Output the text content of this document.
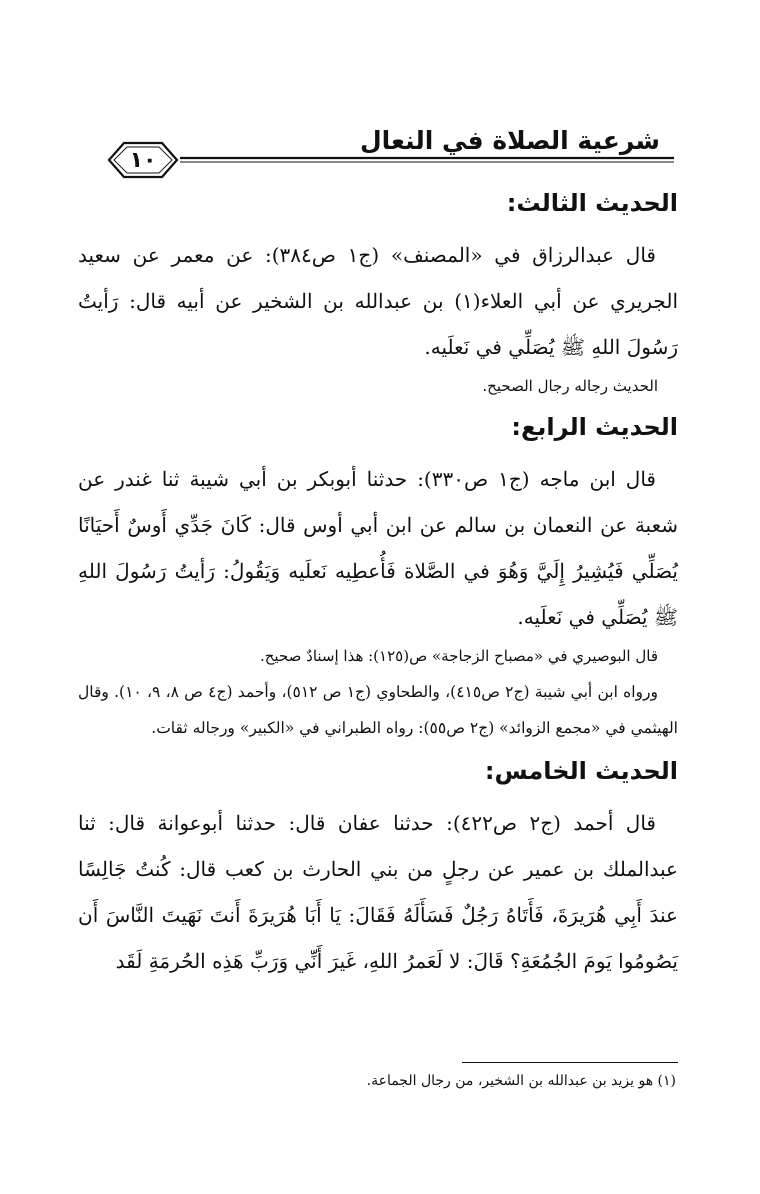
شرعية الصلاة في النعال
١٠
الحديث الثالث:

قال عبدالرزاق في «المصنف» (ج١ ص٣٨٤): عن معمر عن سعيد الجريري عن أبي العلاء(١) بن عبدالله بن الشخير عن أبيه قال: رَأيتُ رَسُولَ اللهِ ﷺ يُصَلِّي في نَعلَيه.

الحديث رجاله رجال الصحيح.

الحديث الرابع:

قال ابن ماجه (ج١ ص٣٣٠): حدثنا أبوبكر بن أبي شيبة ثنا غندر عن شعبة عن النعمان بن سالم عن ابن أبي أوس قال: كَانَ جَدِّي أَوسٌ أَحيَانًا يُصَلِّي فَيُشِيرُ إِلَيَّ وَهُوَ في الصَّلاة فَأُعطِيه نَعلَيه وَيَقُولُ: رَأيتُ رَسُولَ اللهِ ﷺ يُصَلِّي في نَعلَيه.

قال البوصيري في «مصباح الزجاجة» ص(١٢٥): هذا إسنادٌ صحيح.

ورواه ابن أبي شيبة (ج٢ ص٤١٥)، والطحاوي (ج١ ص ٥١٢)، وأحمد (ج٤ ص ٨، ٩، ١٠). وقال الهيثمي في «مجمع الزوائد» (ج٢ ص٥٥): رواه الطبراني في «الكبير» ورجاله ثقات.

الحديث الخامس:

قال أحمد (ج٢ ص٤٢٢): حدثنا عفان قال: حدثنا أبوعوانة قال: ثنا عبدالملك بن عمير عن رجلٍ من بني الحارث بن كعب قال: كُنتُ جَالِسًا عندَ أَبِي هُرَيرَةَ، فَأَتَاهُ رَجُلٌ فَسَأَلَهُ فَقَالَ: يَا أَبَا هُرَيرَةَ أَنتَ نَهَيتَ النَّاسَ أَن يَصُومُوا يَومَ الجُمُعَةِ؟ قَالَ: لا لَعَمرُ اللهِ، غَيرَ أَنِّي وَرَبِّ هَذِه الحُرمَةِ لَقَد

(١) هو يزيد بن عبدالله بن الشخير، من رجال الجماعة.
